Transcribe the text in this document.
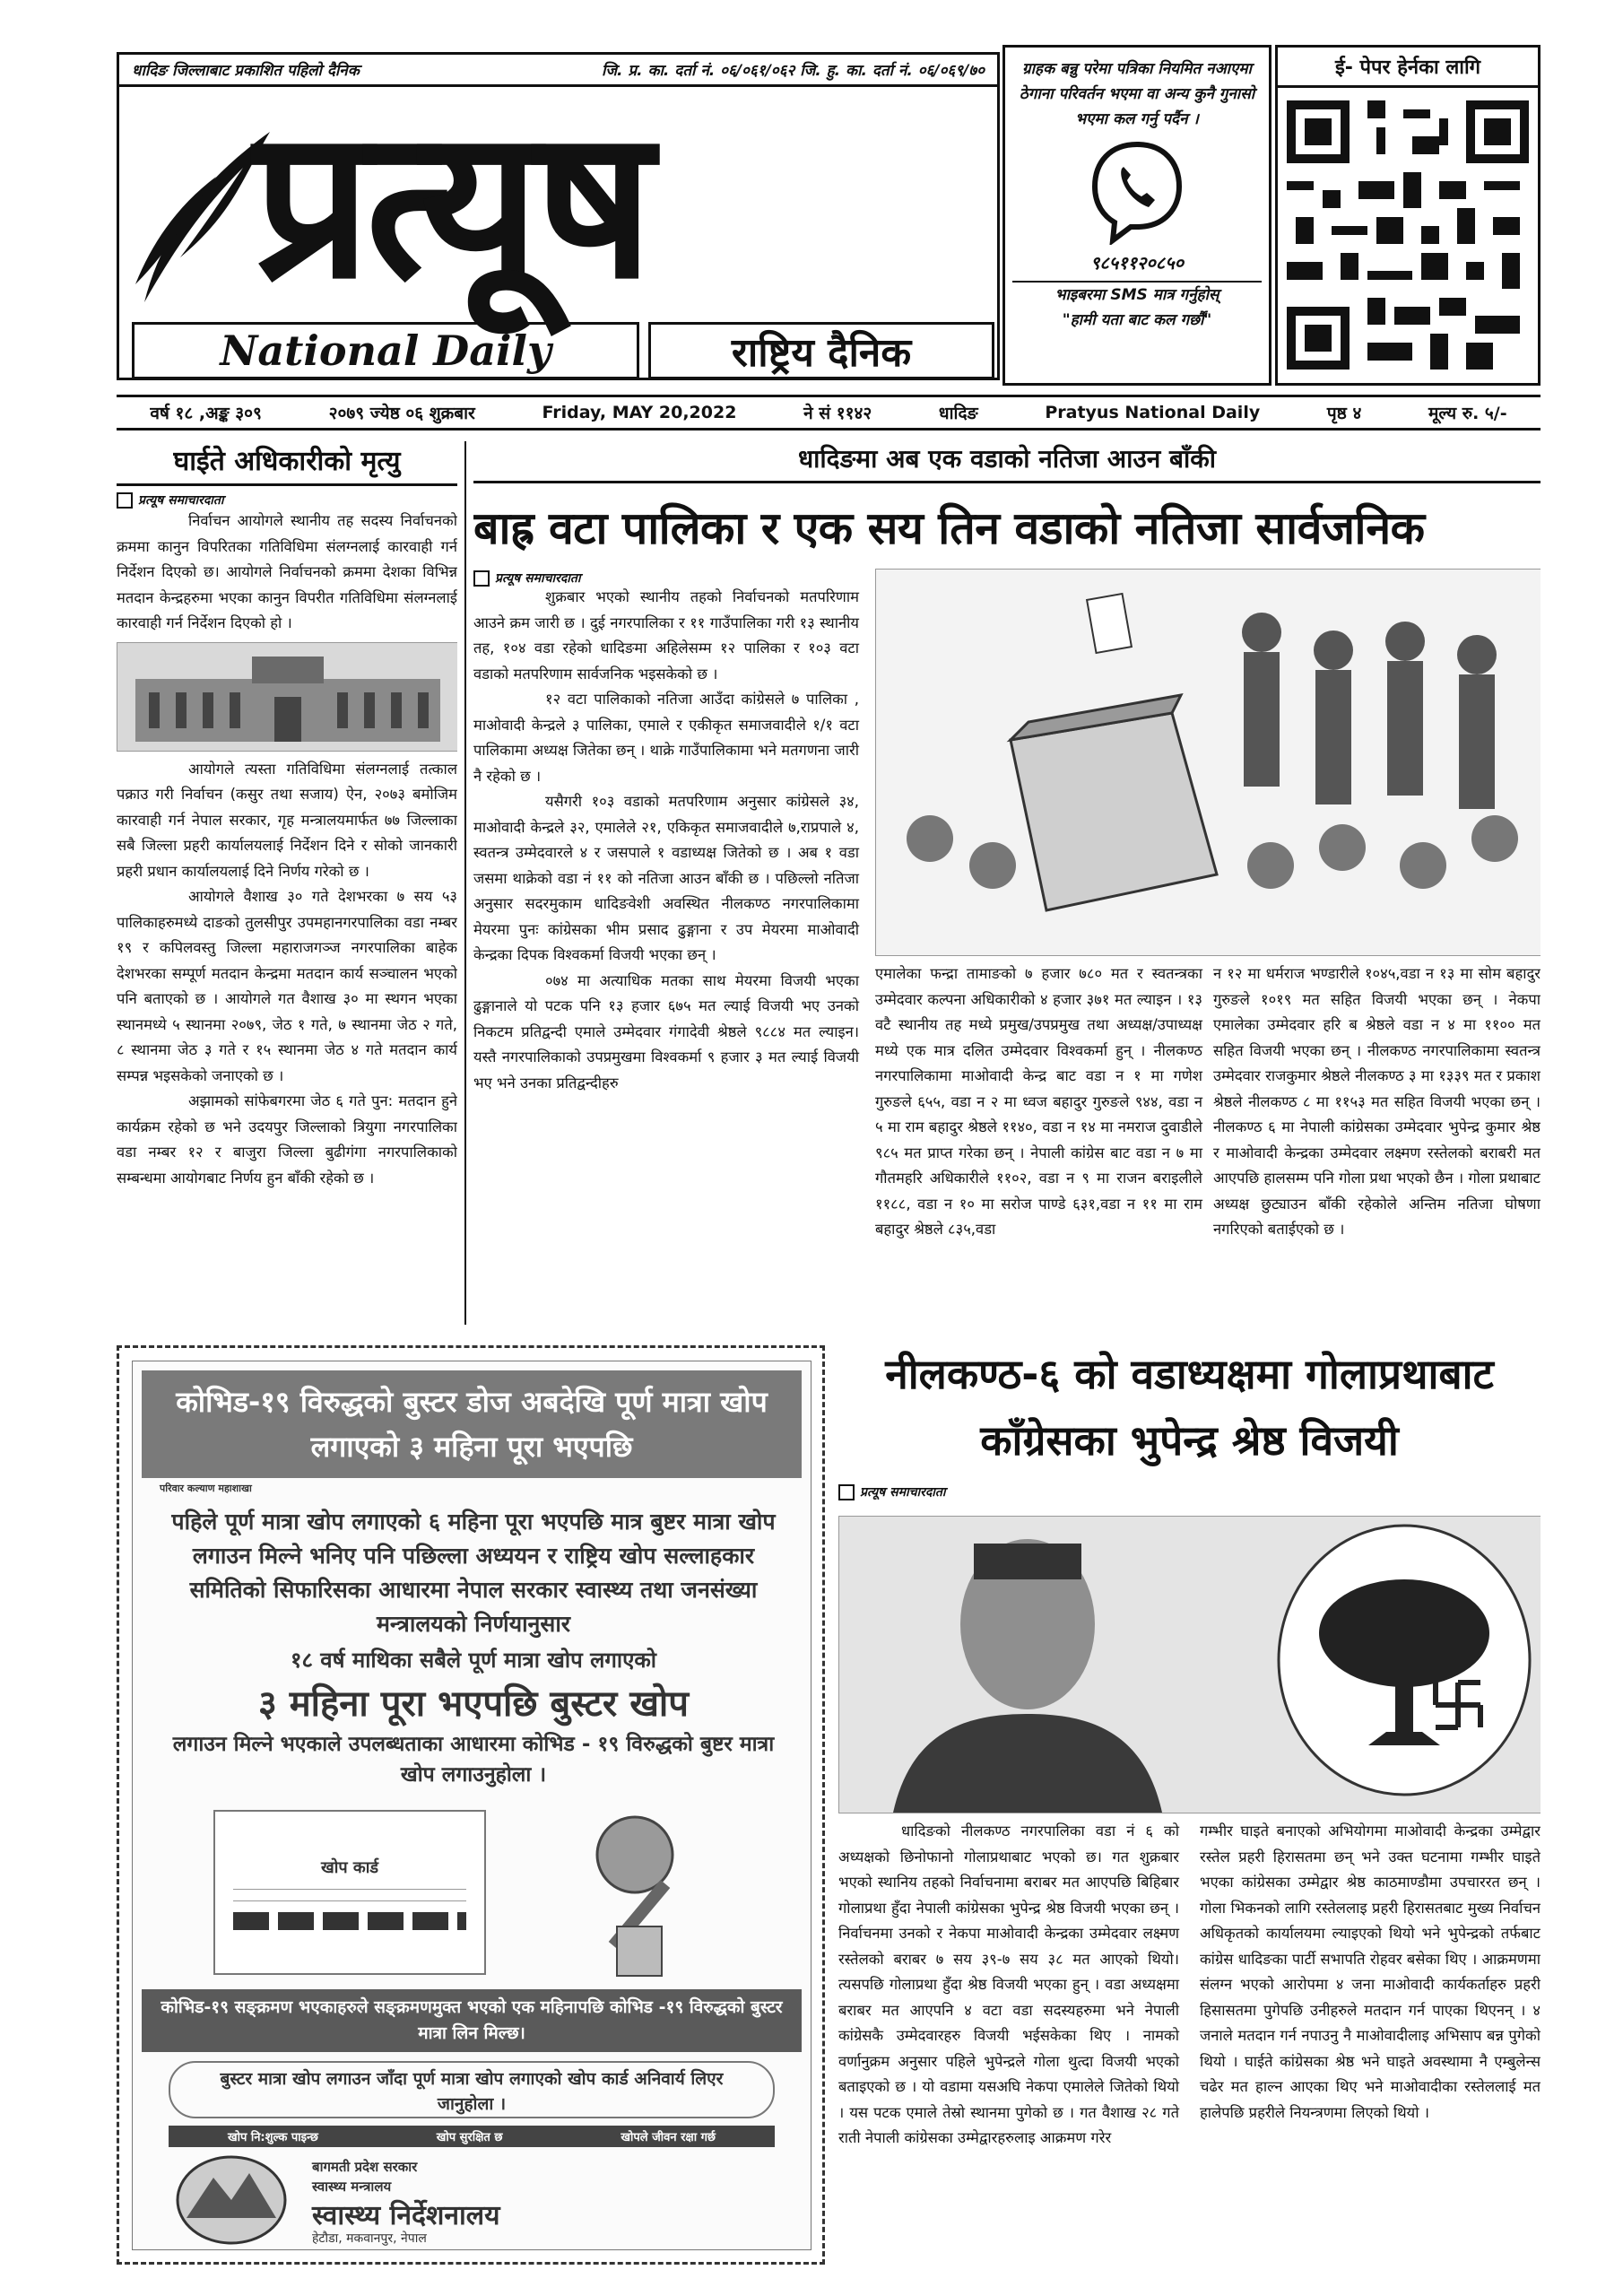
धादिङ जिल्लाबाट प्रकाशित पहिलो दैनिक	जि. प्र. का. दर्ता नं. ०६/०६१/०६२ जि. हु. का. दर्ता नं. ०६/०६९/७०
प्रत्यूष
National Daily	राष्ट्रिय दैनिक
ग्राहक बन्नु परेमा पत्रिका नियमित नआएमा ठेगाना परिवर्तन भएमा वा अन्य कुनै गुनासो भएमा कल गर्नु पर्दैन ।
९८५११२०८५०
भाइबरमा SMS मात्र गर्नुहोस्
"हामी यता बाट कल गर्छौं"
ई- पेपर हेर्नका लागि
वर्ष १८ ,अङ्क ३०९	२०७९ ज्येष्ठ ०६ शुक्रबार	Friday, MAY 20,2022	ने सं ११४२	धादिङ	Pratyus National Daily	पृष्ठ ४	मूल्य रु. ५/-
घाईते अधिकारीको मृत्यु
प्रत्यूष समाचारदाता
निर्वाचन आयोगले स्थानीय तह सदस्य निर्वाचनको क्रममा कानुन विपरितका गतिविधिमा संलग्नलाई कारवाही गर्न निर्देशन दिएको छ। आयोगले निर्वाचनको क्रममा देशका विभिन्न मतदान केन्द्रहरुमा भएका कानुन विपरीत गतिविधिमा संलग्नलाई कारवाही गर्न निर्देशन दिएको हो ।
आयोगले त्यस्ता गतिविधिमा संलग्नलाई तत्काल पक्राउ गरी निर्वाचन (कसुर तथा सजाय) ऐन, २०७३ बमोजिम कारवाही गर्न नेपाल सरकार, गृह मन्त्रालयमार्फत ७७ जिल्लाका सबै जिल्ला प्रहरी कार्यालयलाई निर्देशन दिने र सोको जानकारी प्रहरी प्रधान कार्यालयलाई दिने निर्णय गरेको छ ।
आयोगले वैशाख ३० गते देशभरका ७ सय ५३ पालिकाहरुमध्ये दाङको तुलसीपुर उपमहानगरपालिका वडा नम्बर १९ र कपिलवस्तु जिल्ला महाराजगञ्ज नगरपालिका बाहेक देशभरका सम्पूर्ण मतदान केन्द्रमा मतदान कार्य सञ्चालन भएको पनि बताएको छ । आयोगले गत वैशाख ३० मा स्थगन भएका स्थानमध्ये ५ स्थानमा २०७९, जेठ १ गते, ७ स्थानमा जेठ २ गते, ८ स्थानमा जेठ ३ गते र १५ स्थानमा जेठ ४ गते मतदान कार्य सम्पन्न भइसकेको जनाएको छ ।
अझामको सांफेबगरमा जेठ ६ गते पुन: मतदान हुने कार्यक्रम रहेको छ भने उदयपुर जिल्लाको त्रियुगा नगरपालिका वडा नम्बर १२ र बाजुरा जिल्ला बुढीगंगा नगरपालिकाको सम्बन्धमा आयोगबाट निर्णय हुन बाँकी रहेको छ ।
धादिङमा अब एक वडाको नतिजा आउन बाँकी
बाह्र वटा पालिका र एक सय तिन वडाको नतिजा सार्वजनिक
प्रत्यूष समाचारदाता
शुक्रबार भएको स्थानीय तहको निर्वाचनको मतपरिणाम आउने क्रम जारी छ । दुई नगरपालिका र ११ गाउँपालिका गरी १३ स्थानीय तह, १०४ वडा रहेको धादिङमा अहिलेसम्म १२ पालिका र १०३ वटा वडाको मतपरिणाम सार्वजनिक भइसकेको छ ।
१२ वटा पालिकाको नतिजा आउँदा कांग्रेसले ७ पालिका , माओवादी केन्द्रले ३ पालिका, एमाले र एकीकृत समाजवादीले १/१ वटा पालिकामा अध्यक्ष जितेका छन् । थाक्रे गाउँपालिकामा भने मतगणना जारी नै रहेको छ ।
यसैगरी १०३ वडाको मतपरिणाम अनुसार कांग्रेसले ३४, माओवादी केन्द्रले ३२, एमालेले २१, एकिकृत समाजवादीले ७,राप्रपाले ४, स्वतन्त्र उम्मेदवारले ४ र जसपाले १ वडाध्यक्ष जितेको छ । अब १ वडा जसमा थाक्रेको वडा नं ११ को नतिजा आउन बाँकी छ । पछिल्लो नतिजा अनुसार सदरमुकाम धादिङवेशी अवस्थित नीलकण्ठ नगरपालिकामा मेयरमा पुनः कांग्रेसका भीम प्रसाद ढुङ्गाना र उप मेयरमा माओवादी केन्द्रका दिपक विश्वकर्मा विजयी भएका छन् ।
०७४ मा अत्याधिक मतका साथ मेयरमा विजयी भएका ढुङ्गानाले यो पटक पनि १३ हजार ६७५ मत ल्याई विजयी भए उनको निकटम प्रतिद्वन्दी एमाले उम्मेदवार गंगादेवी श्रेष्ठले ९८८४ मत ल्याइन। यस्तै नगरपालिकाको उपप्रमुखमा विश्वकर्मा ९ हजार ३ मत ल्याई विजयी भए भने उनका प्रतिद्वन्दीहरु
एमालेका फन्द्रा तामाङको ७ हजार ७८० मत र स्वतन्त्रका उम्मेदवार कल्पना अधिकारीको ४ हजार ३७१ मत ल्याइन । १३ वटै स्थानीय तह मध्ये प्रमुख/उपप्रमुख तथा अध्यक्ष/उपाध्यक्ष मध्ये एक मात्र दलित उम्मेदवार विश्वकर्मा हुन् । नीलकण्ठ नगरपालिकामा माओवादी केन्द्र बाट वडा न १ मा गणेश गुरुङले ६५५, वडा न २ मा ध्वज बहादुर गुरुङले ९४४, वडा न ५ मा राम बहादुर श्रेष्ठले ११४०, वडा न १४ मा नमराज दुवाडीले ९८५ मत प्राप्त गरेका छन् । नेपाली कांग्रेस बाट वडा न ७ मा गौतमहरि अधिकारीले ११०२, वडा न ९ मा राजन बराइलीले ११८८, वडा न १० मा सरोज पाण्डे ६३१,वडा न ११ मा राम बहादुर श्रेष्ठले ८३५,वडा
न १२ मा धर्मराज भण्डारीले १०४५,वडा न १३ मा सोम बहादुर गुरुङले १०१९ मत सहित विजयी भएका छन् । नेकपा एमालेका उम्मेदवार हरि ब श्रेष्ठले वडा न ४ मा ११०० मत सहित विजयी भएका छन् । नीलकण्ठ नगरपालिकामा स्वतन्त्र उम्मेदवार राजकुमार श्रेष्ठले नीलकण्ठ ३ मा १३३९ मत र प्रकाश श्रेष्ठले नीलकण्ठ ८ मा ११५३ मत सहित विजयी भएका छन् । नीलकण्ठ ६ मा नेपाली कांग्रेसका उम्मेदवार भुपेन्द्र कुमार श्रेष्ठ र माओवादी केन्द्रका उम्मेदवार लक्ष्मण रस्तेलको बराबरी मत आएपछि हालसम्म पनि गोला प्रथा भएको छैन । गोला प्रथाबाट अध्यक्ष छुट्याउन बाँकी रहेकोले अन्तिम नतिजा घोषणा नगरिएको बताईएको छ ।
कोभिड-१९ विरुद्धको बुस्टर डोज अबदेखि पूर्ण मात्रा खोप लगाएको ३ महिना पूरा भएपछि
परिवार कल्याण महाशाखा
पहिले पूर्ण मात्रा खोप लगाएको ६ महिना पूरा भएपछि मात्र बुष्टर मात्रा खोप लगाउन मिल्ने भनिए पनि पछिल्ला अध्ययन र राष्ट्रिय खोप सल्लाहकार समितिको सिफारिसका आधारमा नेपाल सरकार स्वास्थ्य तथा जनसंख्या मन्त्रालयको निर्णयानुसार
१८ वर्ष माथिका सबैले पूर्ण मात्रा खोप लगाएको
३ महिना पूरा भएपछि बुस्टर खोप
लगाउन मिल्ने भएकाले उपलब्धताका आधारमा कोभिड - १९ विरुद्धको बुष्टर मात्रा खोप लगाउनुहोला ।
खोप कार्ड
कोभिड-१९ सङ्क्रमण भएकाहरुले सङ्क्रमणमुक्त भएको एक महिनापछि कोभिड -१९ विरुद्धको बुस्टर मात्रा लिन मिल्छ।
बुस्टर मात्रा खोप लगाउन जाँदा पूर्ण मात्रा खोप लगाएको खोप कार्ड अनिवार्य लिएर जानुहोला ।
खोप नि:शुल्क पाइन्छ	खोप सुरक्षित छ	खोपले जीवन रक्षा गर्छ
बागमती प्रदेश सरकार
स्वास्थ्य मन्त्रालय
स्वास्थ्य निर्देशनालय
हेटौडा, मकवानपुर, नेपाल
नीलकण्ठ-६ को वडाध्यक्षमा गोलाप्रथाबाट
काँग्रेसका भुपेन्द्र श्रेष्ठ विजयी
प्रत्यूष समाचारदाता
धादिङको नीलकण्ठ नगरपालिका वडा नं ६ को अध्यक्षको छिनोफानो गोलाप्रथाबाट भएको छ। गत शुक्रबार भएको स्थानिय तहको निर्वाचनामा बराबर मत आएपछि बिहिबार गोलाप्रथा हुँदा नेपाली कांग्रेसका भुपेन्द्र श्रेष्ठ विजयी भएका छन् । निर्वाचनमा उनको र नेकपा माओवादी केन्द्रका उम्मेदवार लक्ष्मण रस्तेलको बराबर ७ सय ३९-७ सय ३८ मत आएको थियो। त्यसपछि गोलाप्रथा हुँदा श्रेष्ठ विजयी भएका हुन् । वडा अध्यक्षमा बराबर मत आएपनि ४ वटा वडा सदस्यहरुमा भने नेपाली कांग्रेसकै उम्मेदवारहरु विजयी भईसकेका थिए । नामको वर्णानुक्रम अनुसार पहिले भुपेन्द्रले गोला थुत्दा विजयी भएको बताइएको छ । यो वडामा यसअघि नेकपा एमालेले जितेको थियो । यस पटक एमाले तेस्रो स्थानमा पुगेको छ । गत वैशाख २८ गते राती नेपाली कांग्रेसका उम्मेद्वारहरुलाइ आक्रमण गरेर
गम्भीर घाइते बनाएको अभियोगमा माओवादी केन्द्रका उम्मेद्वार रस्तेल प्रहरी हिरासतमा छन् भने उक्त घटनामा गम्भीर घाइते भएका कांग्रेसका उम्मेद्वार श्रेष्ठ काठमाण्डौमा उपचाररत छन् । गोला भिकनको लागि रस्तेललाइ प्रहरी हिरासतबाट मुख्य निर्वाचन अधिकृतको कार्यालयमा ल्याइएको थियो भने भुपेन्द्रको तर्फबाट कांग्रेस धादिङका पार्टी सभापति रोहवर बसेका थिए । आक्रमणमा संलग्न भएको आरोपमा ४ जना माओवादी कार्यकर्ताहरु प्रहरी हिसासतमा पुगेपछि उनीहरुले मतदान गर्न पाएका थिएनन् । ४ जनाले मतदान गर्न नपाउनु नै माओवादीलाइ अभिसाप बन्न पुगेको थियो । घाईते कांग्रेसका श्रेष्ठ भने घाइते अवस्थामा नै एम्बुलेन्स चढेर मत हाल्न आएका थिए भने माओवादीका रस्तेललाई मत हालेपछि प्रहरीले नियन्त्रणमा लिएको थियो ।
